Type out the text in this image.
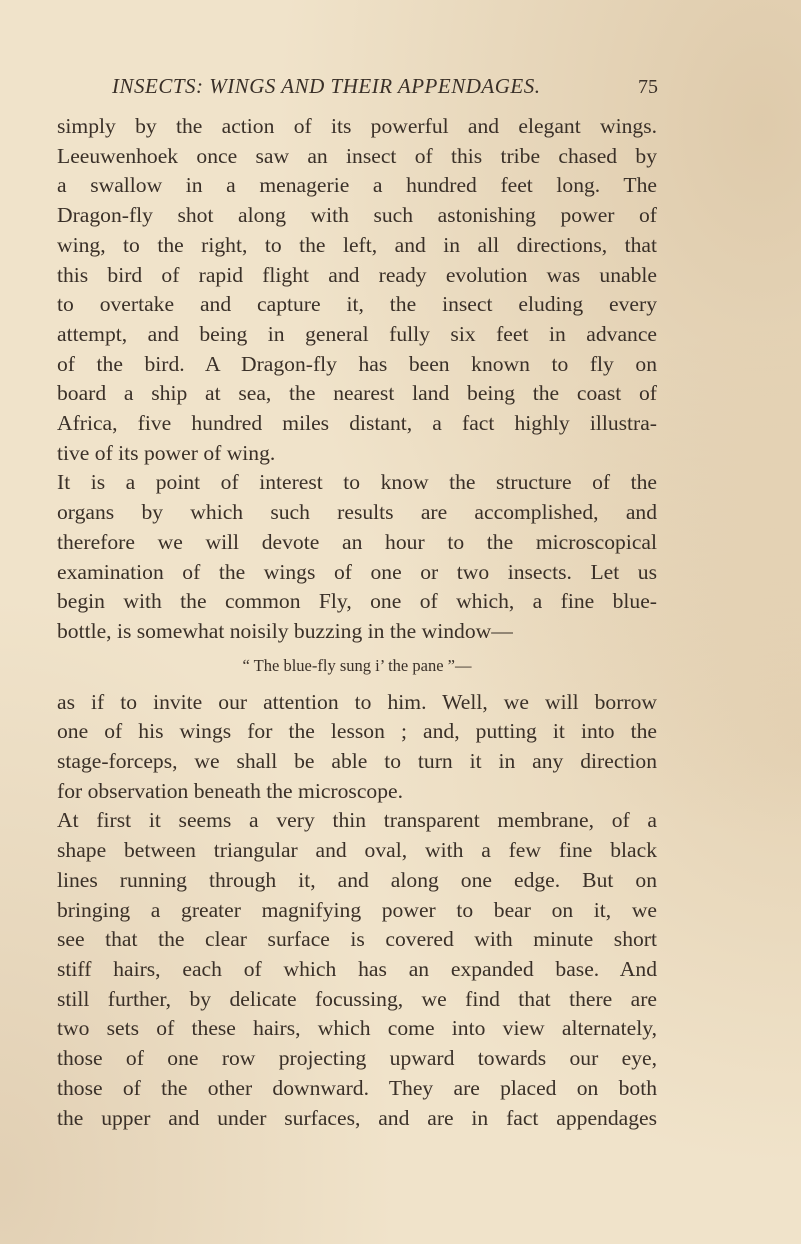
INSECTS: WINGS AND THEIR APPENDAGES.	75
simply by the action of its powerful and elegant wings.
Leeuwenhoek once saw an insect of this tribe chased by
a swallow in a menagerie a hundred feet long. The
Dragon-fly shot along with such astonishing power of
wing, to the right, to the left, and in all directions, that
this bird of rapid flight and ready evolution was unable
to overtake and capture it, the insect eluding every
attempt, and being in general fully six feet in advance
of the bird. A Dragon-fly has been known to fly on
board a ship at sea, the nearest land being the coast of
Africa, five hundred miles distant, a fact highly illustra-
tive of its power of wing.
It is a point of interest to know the structure of the
organs by which such results are accomplished, and
therefore we will devote an hour to the microscopical
examination of the wings of one or two insects. Let us
begin with the common Fly, one of which, a fine blue-
bottle, is somewhat noisily buzzing in the window—
“ The blue-fly sung i’ the pane ”—
as if to invite our attention to him. Well, we will borrow
one of his wings for the lesson ; and, putting it into the
stage-forceps, we shall be able to turn it in any direction
for observation beneath the microscope.
At first it seems a very thin transparent membrane, of a
shape between triangular and oval, with a few fine black
lines running through it, and along one edge. But on
bringing a greater magnifying power to bear on it, we
see that the clear surface is covered with minute short
stiff hairs, each of which has an expanded base. And
still further, by delicate focussing, we find that there are
two sets of these hairs, which come into view alternately,
those of one row projecting upward towards our eye,
those of the other downward. They are placed on both
the upper and under surfaces, and are in fact appendages
